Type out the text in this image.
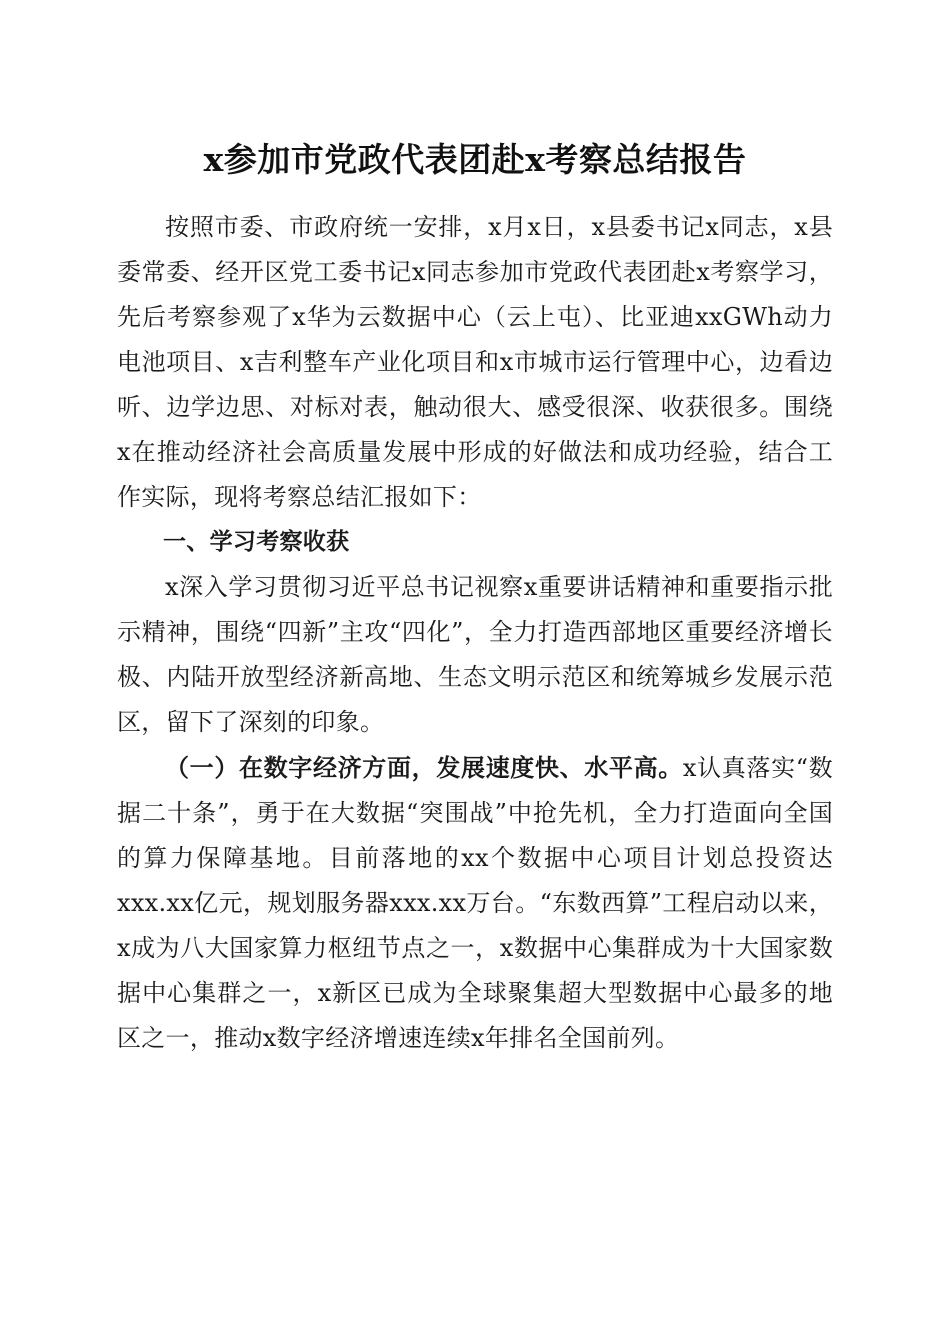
x参加市党政代表团赴x考察总结报告

按照市委、市政府统一安排，x月x日，x县委书记x同志，x县委常委、经开区党工委书记x同志参加市党政代表团赴x考察学习，先后考察参观了x华为云数据中心（云上屯）、比亚迪xxGWh动力电池项目、x吉利整车产业化项目和x市城市运行管理中心，边看边听、边学边思、对标对表，触动很大、感受很深、收获很多。围绕x在推动经济社会高质量发展中形成的好做法和成功经验，结合工作实际，现将考察总结汇报如下：

一、学习考察收获

x深入学习贯彻习近平总书记视察x重要讲话精神和重要指示批示精神，围绕“四新”主攻“四化”，全力打造西部地区重要经济增长极、内陆开放型经济新高地、生态文明示范区和统筹城乡发展示范区，留下了深刻的印象。

（一）在数字经济方面，发展速度快、水平高。x认真落实“数据二十条”，勇于在大数据“突围战”中抢先机，全力打造面向全国的算力保障基地。目前落地的xx个数据中心项目计划总投资达xxx.xx亿元，规划服务器xxx.xx万台。“东数西算”工程启动以来，x成为八大国家算力枢纽节点之一，x数据中心集群成为十大国家数据中心集群之一，x新区已成为全球聚集超大型数据中心最多的地区之一，推动x数字经济增速连续x年排名全国前列。
